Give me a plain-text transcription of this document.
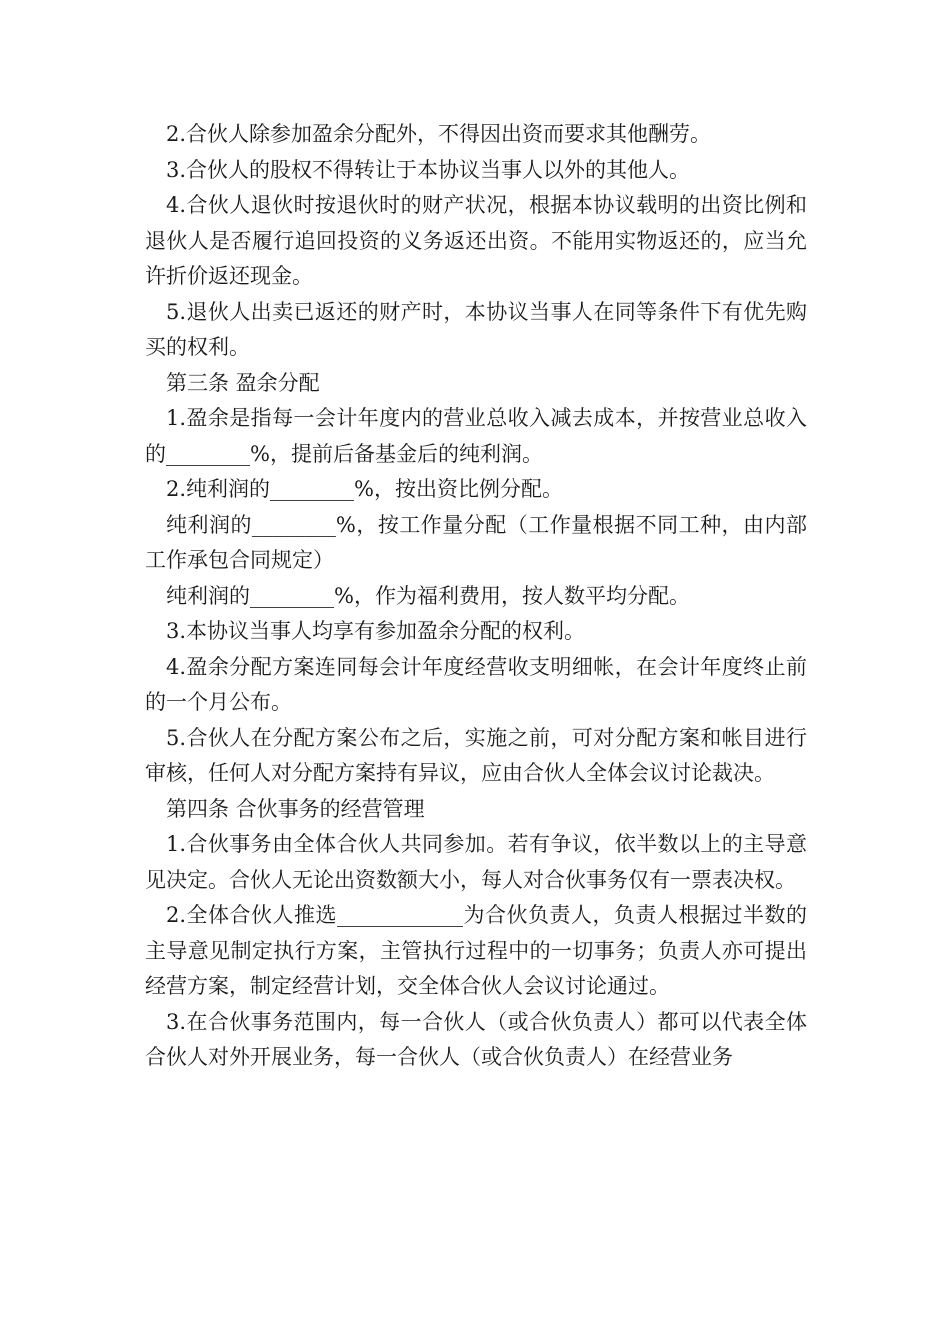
2.合伙人除参加盈余分配外，不得因出资而要求其他酬劳。

3.合伙人的股权不得转让于本协议当事人以外的其他人。

4.合伙人退伙时按退伙时的财产状况，根据本协议载明的出资比例和退伙人是否履行追回投资的义务返还出资。不能用实物返还的，应当允许折价返还现金。

5.退伙人出卖已返还的财产时，本协议当事人在同等条件下有优先购买的权利。

第三条 盈余分配

1.盈余是指每一会计年度内的营业总收入减去成本，并按营业总收入的________%，提前后备基金后的纯利润。

2.纯利润的________%，按出资比例分配。

纯利润的________%，按工作量分配（工作量根据不同工种，由内部工作承包合同规定）

纯利润的________%，作为福利费用，按人数平均分配。

3.本协议当事人均享有参加盈余分配的权利。

4.盈余分配方案连同每会计年度经营收支明细帐，在会计年度终止前的一个月公布。

5.合伙人在分配方案公布之后，实施之前，可对分配方案和帐目进行审核，任何人对分配方案持有异议，应由合伙人全体会议讨论裁决。

第四条 合伙事务的经营管理

1.合伙事务由全体合伙人共同参加。若有争议，依半数以上的主导意见决定。合伙人无论出资数额大小，每人对合伙事务仅有一票表决权。

2.全体合伙人推选____________为合伙负责人，负责人根据过半数的主导意见制定执行方案，主管执行过程中的一切事务；负责人亦可提出经营方案，制定经营计划，交全体合伙人会议讨论通过。

3.在合伙事务范围内，每一合伙人（或合伙负责人）都可以代表全体合伙人对外开展业务，每一合伙人（或合伙负责人）在经营业务
